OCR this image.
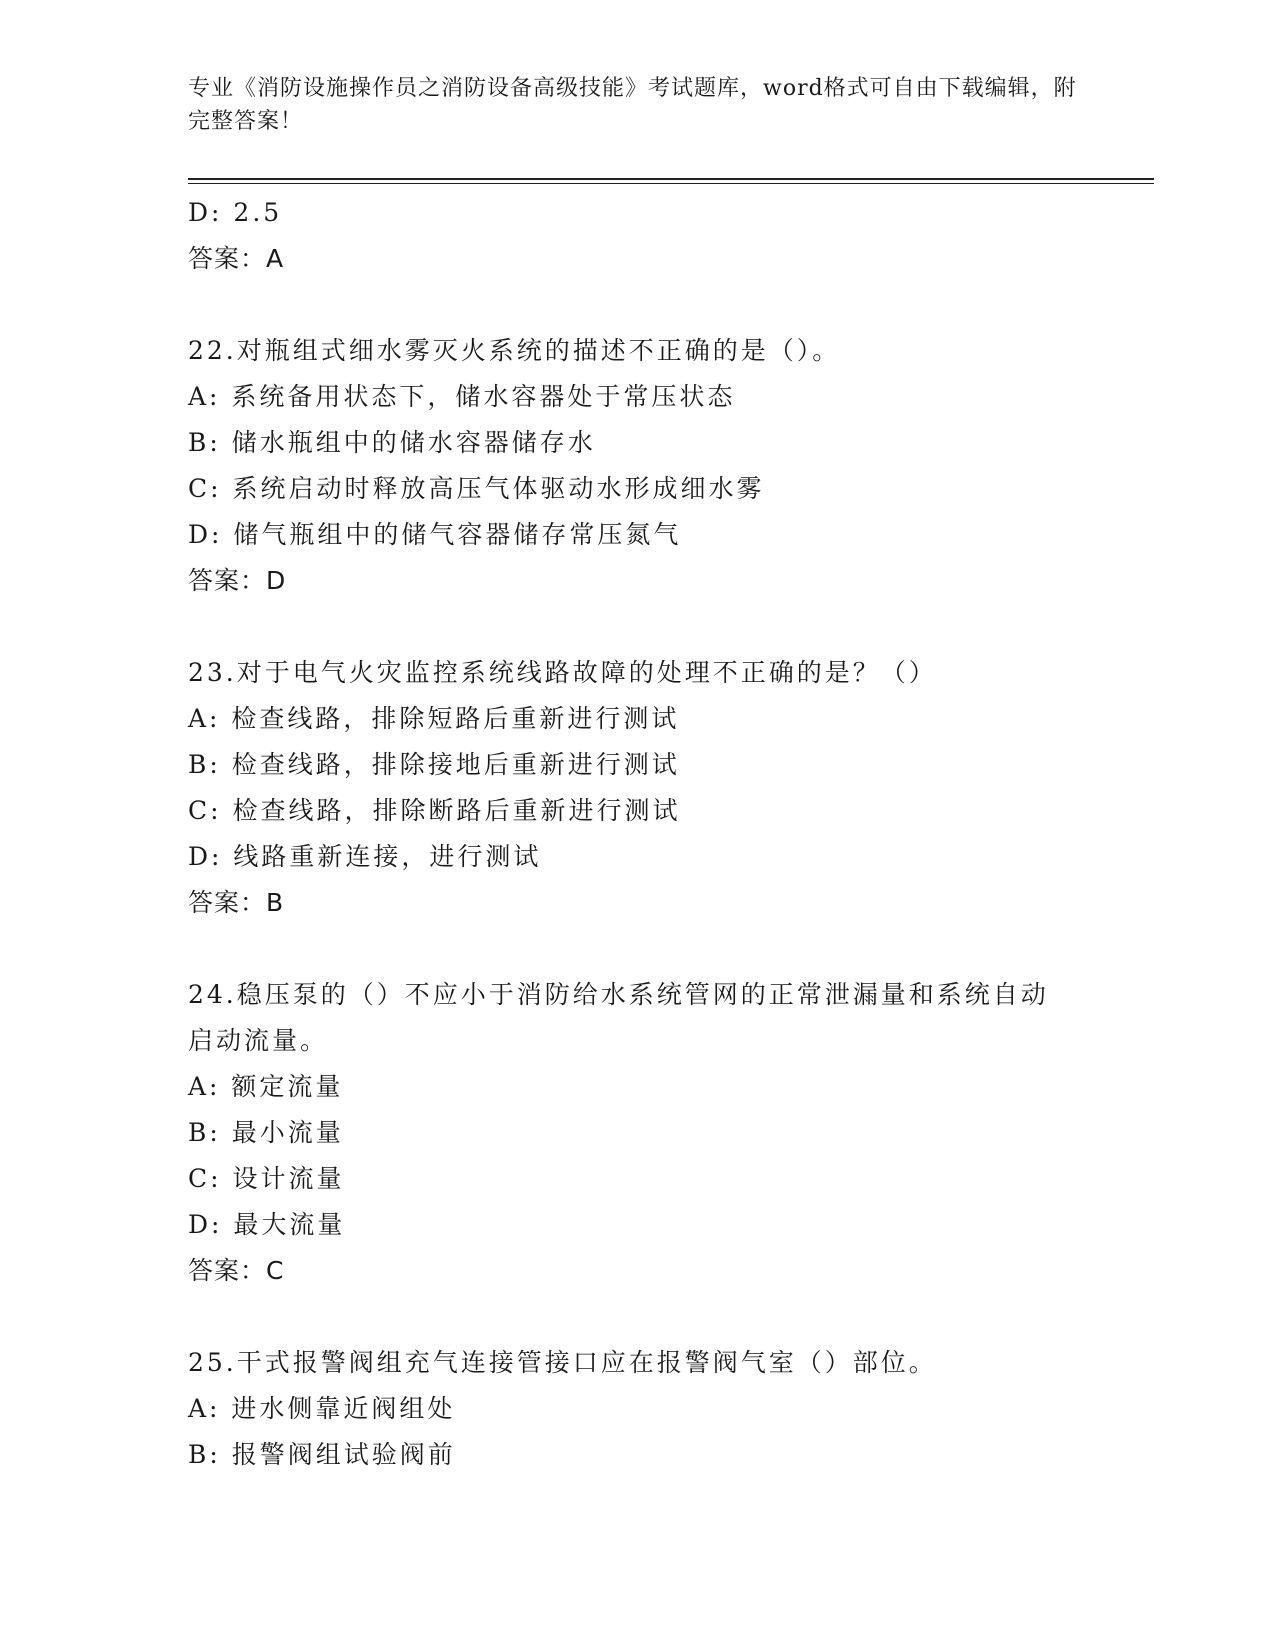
专业《消防设施操作员之消防设备高级技能》考试题库，word格式可自由下载编辑，附完整答案！
D: 2.5
答案：A
22.对瓶组式细水雾灭火系统的描述不正确的是（）。
A: 系统备用状态下，储水容器处于常压状态
B: 储水瓶组中的储水容器储存水
C: 系统启动时释放高压气体驱动水形成细水雾
D: 储气瓶组中的储气容器储存常压氮气
答案：D
23.对于电气火灾监控系统线路故障的处理不正确的是？（）
A: 检查线路，排除短路后重新进行测试
B: 检查线路，排除接地后重新进行测试
C: 检查线路，排除断路后重新进行测试
D: 线路重新连接，进行测试
答案：B
24.稳压泵的（）不应小于消防给水系统管网的正常泄漏量和系统自动
启动流量。
A: 额定流量
B: 最小流量
C: 设计流量
D: 最大流量
答案：C
25.干式报警阀组充气连接管接口应在报警阀气室（）部位。
A: 进水侧靠近阀组处
B: 报警阀组试验阀前
